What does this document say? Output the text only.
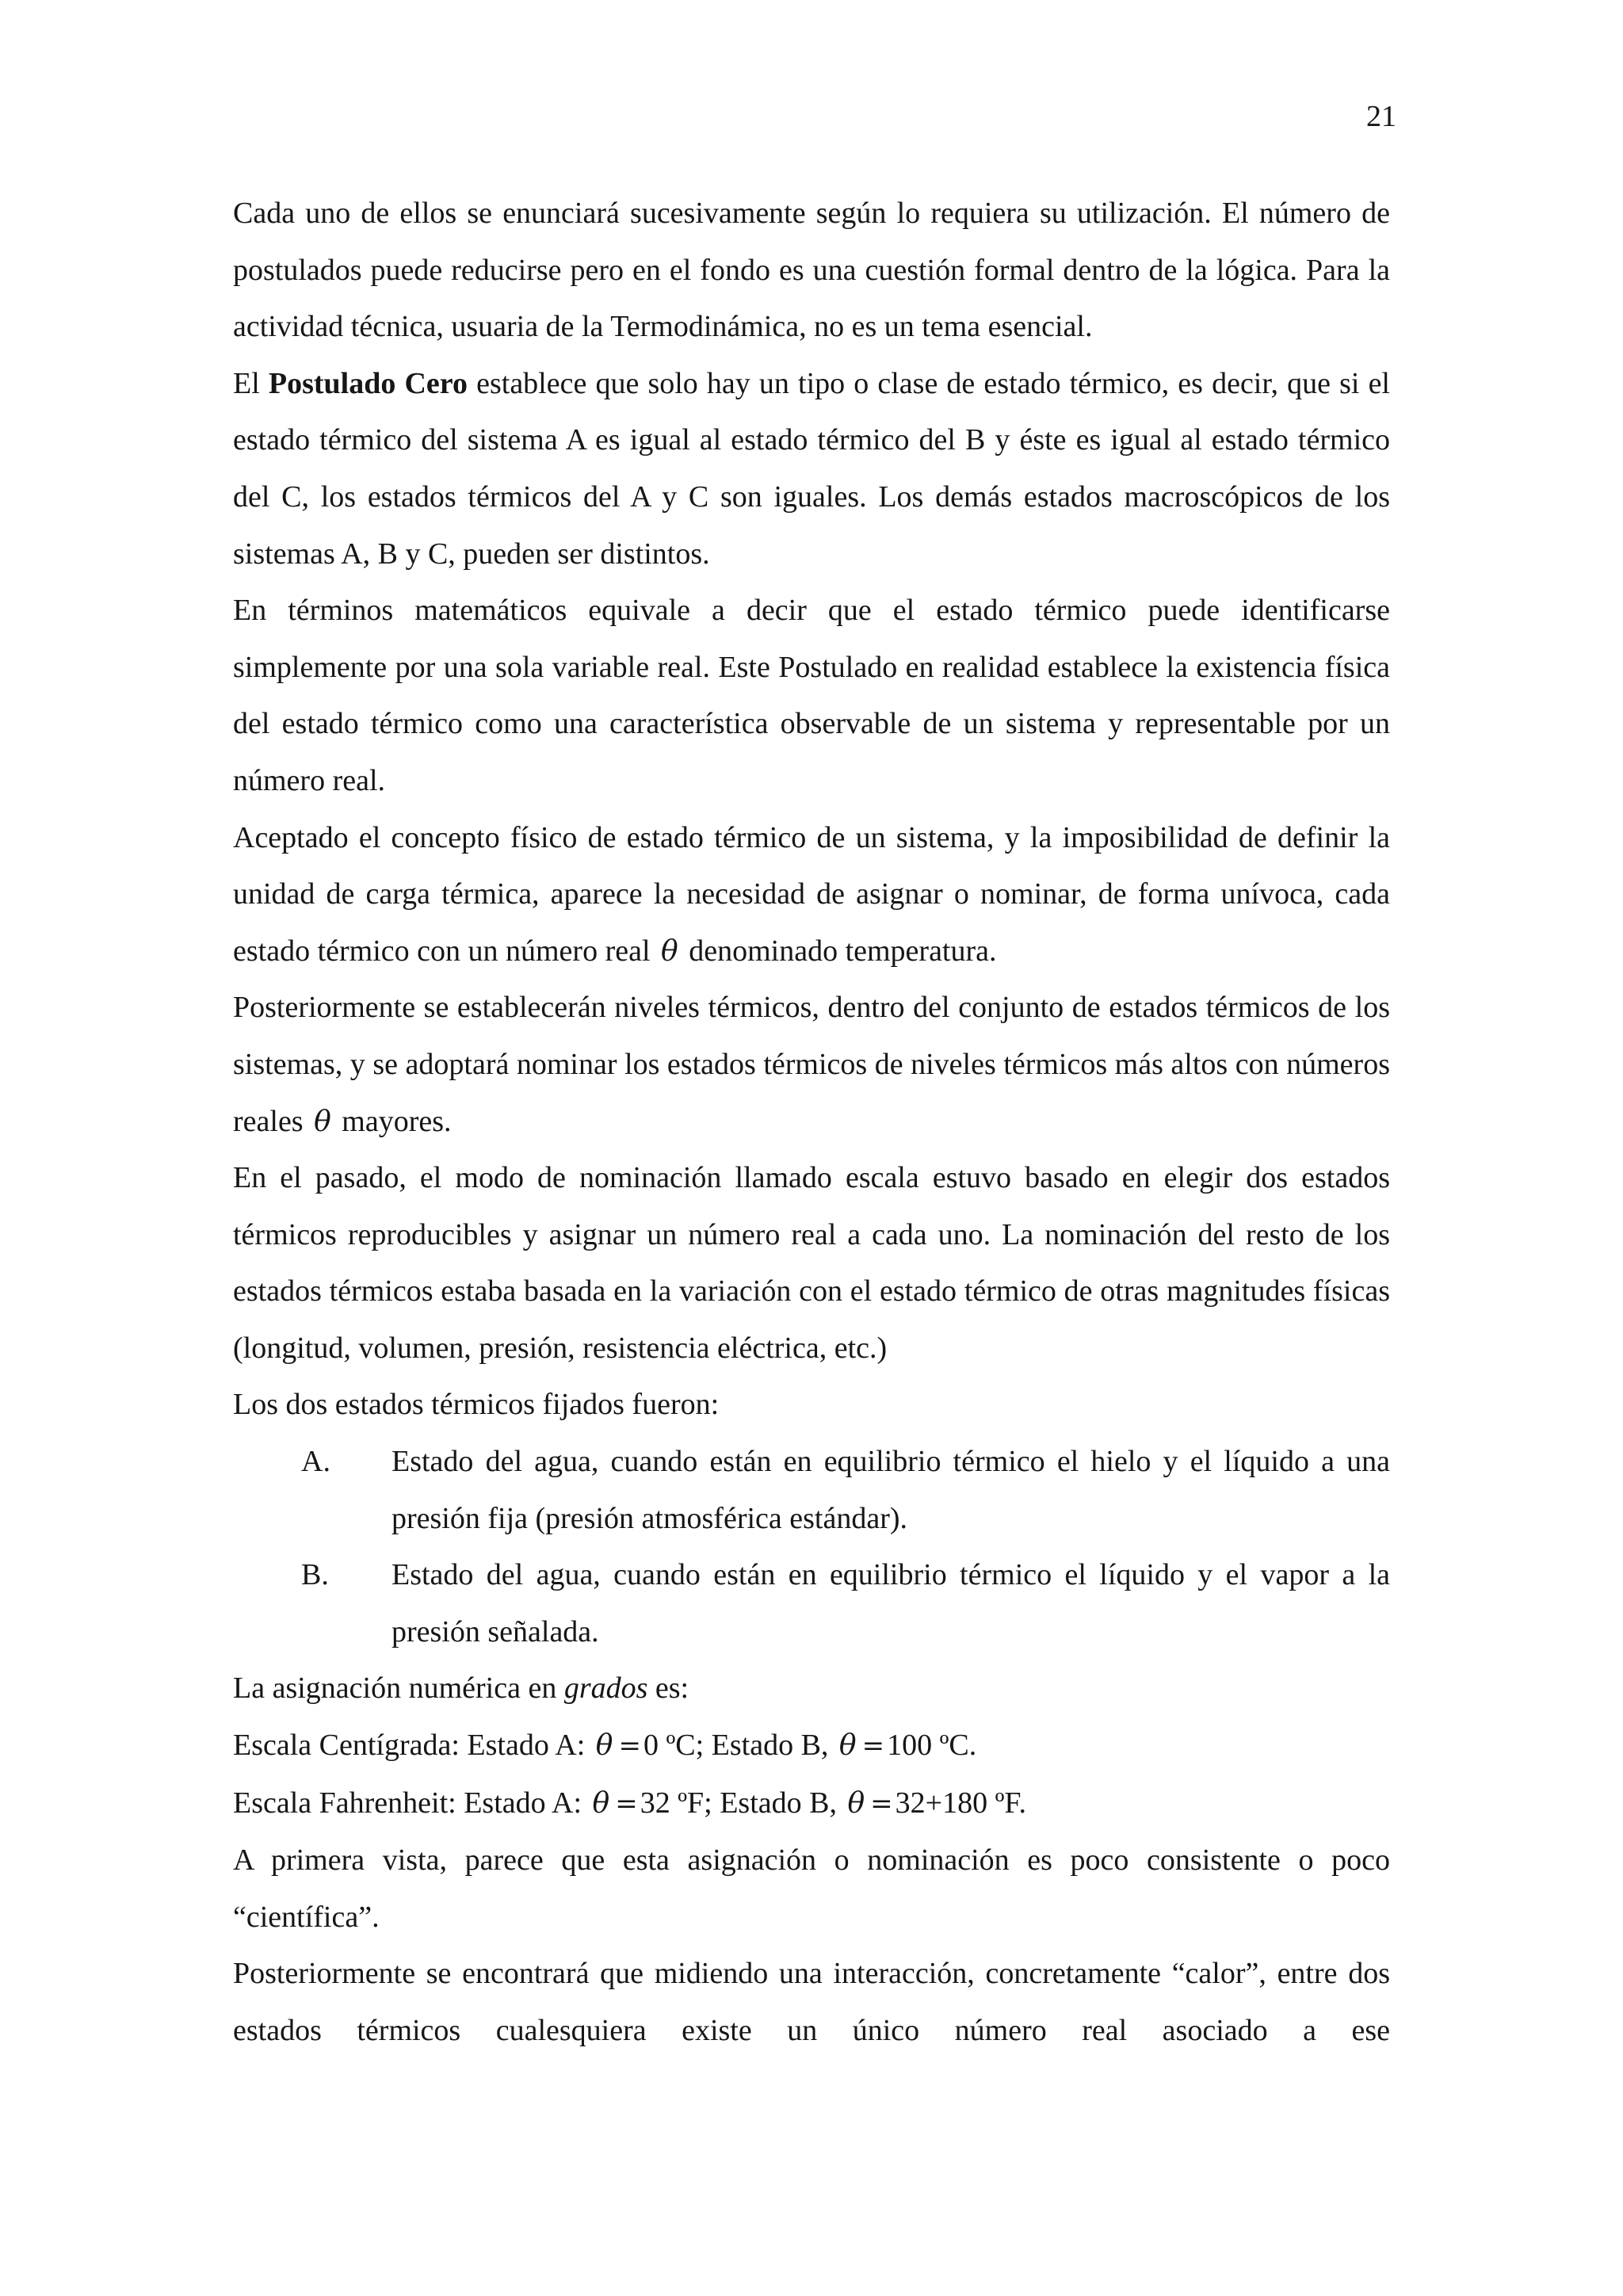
21

Cada uno de ellos se enunciará sucesivamente según lo requiera su utilización. El número de postulados puede reducirse pero en el fondo es una cuestión formal dentro de la lógica. Para la actividad técnica, usuaria de la Termodinámica, no es un tema esencial.

El Postulado Cero establece que solo hay un tipo o clase de estado térmico, es decir, que si el estado térmico del sistema A es igual al estado térmico del B y éste es igual al estado térmico del C, los estados térmicos del A y C son iguales. Los demás estados macroscópicos de los sistemas A, B y C, pueden ser distintos.

En términos matemáticos equivale a decir que el estado térmico puede identificarse simplemente por una sola variable real. Este Postulado en realidad establece la existencia física del estado térmico como una característica observable de un sistema y representable por un número real.

Aceptado el concepto físico de estado térmico de un sistema, y la imposibilidad de definir la unidad de carga térmica, aparece la necesidad de asignar o nominar, de forma unívoca, cada estado térmico con un número real θ denominado temperatura.

Posteriormente se establecerán niveles térmicos, dentro del conjunto de estados térmicos de los sistemas, y se adoptará nominar los estados térmicos de niveles térmicos más altos con números reales θ mayores.

En el pasado, el modo de nominación llamado escala estuvo basado en elegir dos estados térmicos reproducibles y asignar un número real a cada uno. La nominación del resto de los estados térmicos estaba basada en la variación con el estado térmico de otras magnitudes físicas (longitud, volumen, presión, resistencia eléctrica, etc.)

Los dos estados térmicos fijados fueron:

A. Estado del agua, cuando están en equilibrio térmico el hielo y el líquido a una presión fija (presión atmosférica estándar).
B. Estado del agua, cuando están en equilibrio térmico el líquido y el vapor a la presión señalada.

La asignación numérica en grados es:

Escala Centígrada: Estado A: θ =0 ºC; Estado B, θ =100 ºC.

Escala Fahrenheit: Estado A: θ =32 ºF; Estado B, θ =32+180 ºF.

A primera vista, parece que esta asignación o nominación es poco consistente o poco “científica”.

Posteriormente se encontrará que midiendo una interacción, concretamente “calor”, entre dos estados térmicos cualesquiera existe un único número real asociado a ese
